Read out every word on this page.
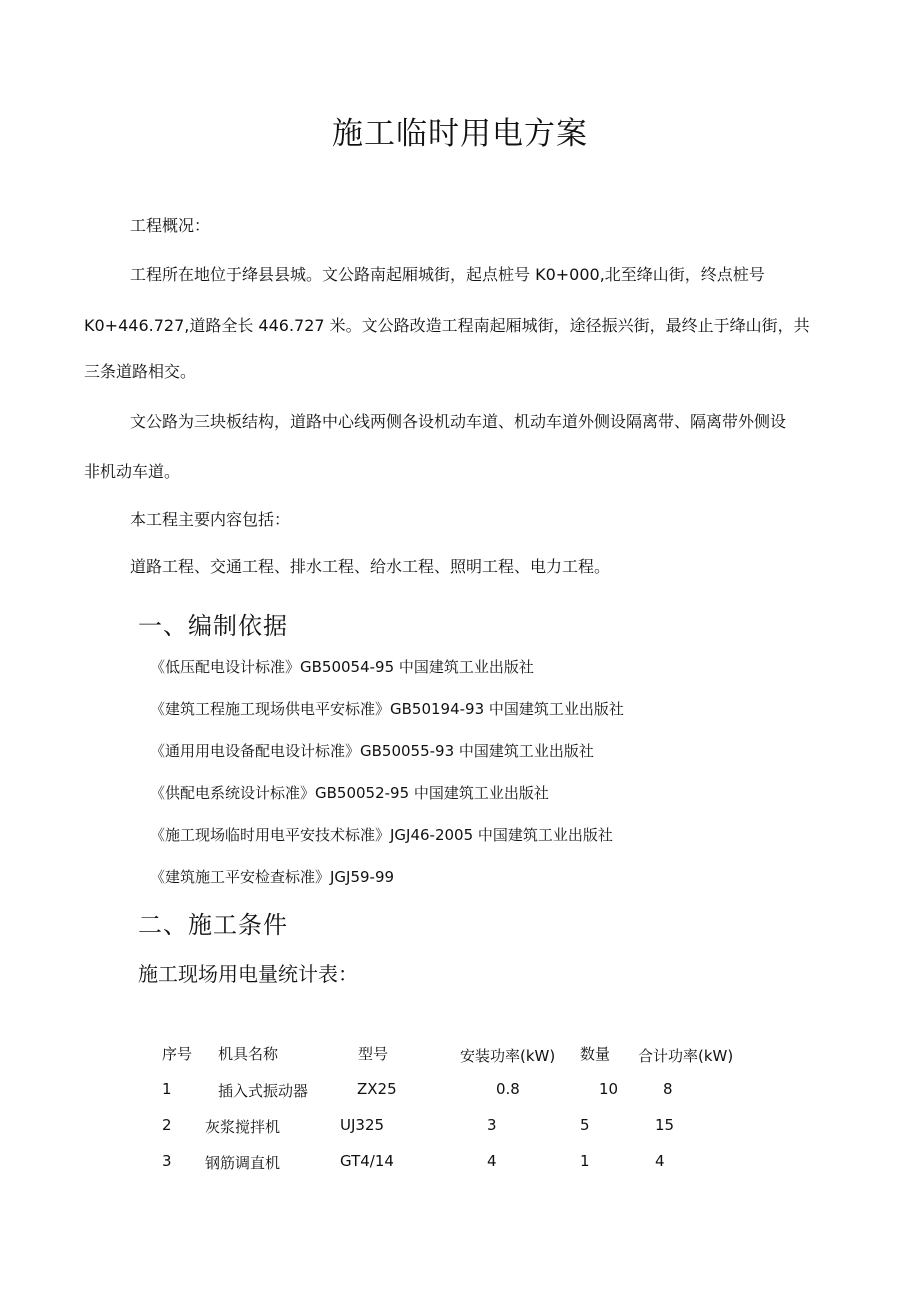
施工临时用电方案
工程概况：
工程所在地位于绛县县城。文公路南起厢城街，起点桩号 K0+000,北至绛山街，终点桩号
K0+446.727,道路全长 446.727 米。文公路改造工程南起厢城街，途径振兴街，最终止于绛山街，共
三条道路相交。
文公路为三块板结构，道路中心线两侧各设机动车道、机动车道外侧设隔离带、隔离带外侧设
非机动车道。
本工程主要内容包括：
道路工程、交通工程、排水工程、给水工程、照明工程、电力工程。
一、编制依据
《低压配电设计标准》GB50054-95 中国建筑工业出版社
《建筑工程施工现场供电平安标准》GB50194-93 中国建筑工业出版社
《通用用电设备配电设计标准》GB50055-93 中国建筑工业出版社
《供配电系统设计标准》GB50052-95 中国建筑工业出版社
《施工现场临时用电平安技术标准》JGJ46-2005 中国建筑工业出版社
《建筑施工平安检查标准》JGJ59-99
二、施工条件
施工现场用电量统计表：
序号 机具名称	型号	安装功率(kW) 数量 合计功率(kW)
1	插入式振动器	ZX25	0.8	10	8
2 灰浆搅拌机	UJ325	3	5	15
3 钢筋调直机	GT4/14	4	1	4
